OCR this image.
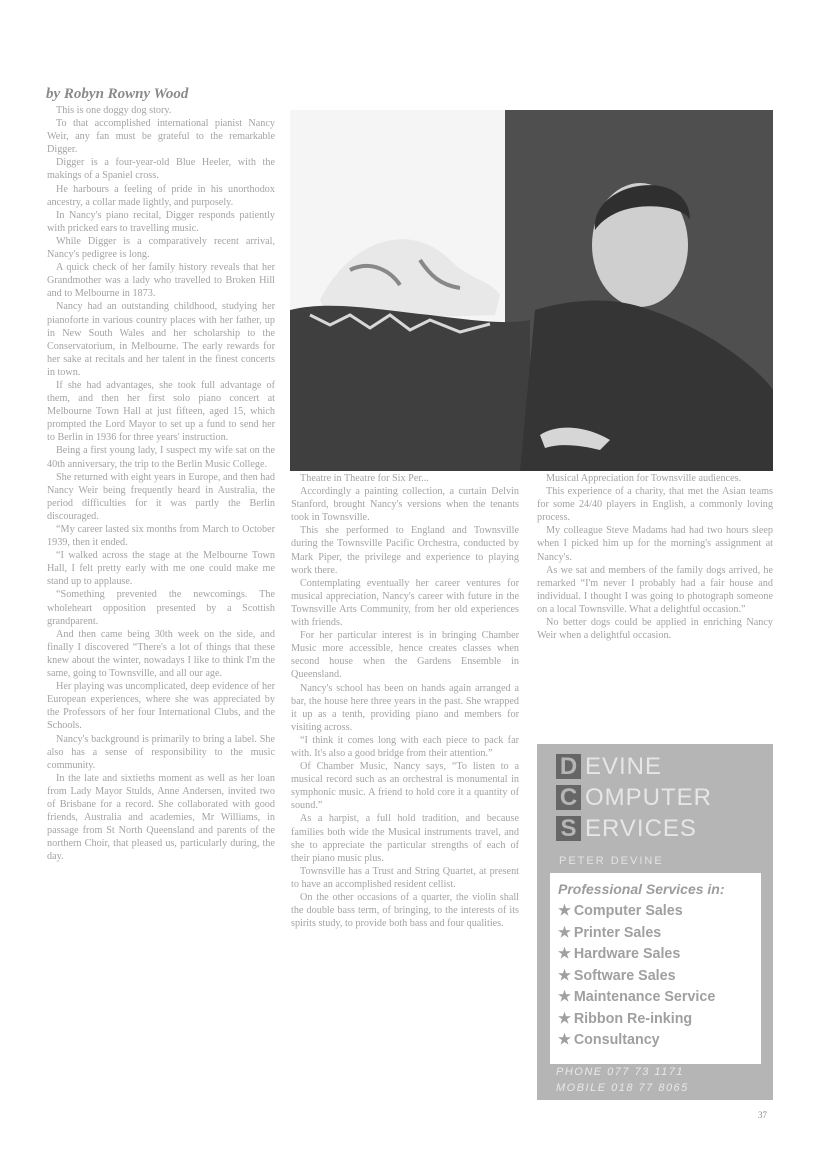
by Robyn Rowny Wood

This is one doggy dog story.

To that accomplished international pianist Nancy Weir, any fan must be grateful to the remarkable Digger.

Digger is a four-year-old Blue Heeler, with the makings of a Spaniel cross.

He harbours a feeling of pride in his unorthodox ancestry, a collar made lightly, and purposely.

In Nancy's piano recital, Digger responds patiently with pricked ears to travelling music.

While Digger is a comparatively recent arrival, Nancy's pedigree is long.

A quick check of her family history reveals that her Grandmother was a lady who travelled to Broken Hill and to Melbourne in 1873.

Nancy had an outstanding childhood, studying her pianoforte in various country places with her father, up in New South Wales and her scholarship to the Conservatorium, in Melbourne. The early rewards for her sake at recitals and her talent in the finest concerts in town.

If she had advantages, she took full advantage of them, and then her first solo piano concert at Melbourne Town Hall at just fifteen, aged 15, which prompted the Lord Mayor to set up a fund to send her to Berlin in 1936 for three years' instruction.

Being a first young lady, I suspect my wife sat on the 40th anniversary, the trip to the Berlin Music College.

She returned with eight years in Europe, and then had Nancy Weir being frequently heard in Australia, the period difficulties for it was partly the Berlin discouraged.

“My career lasted six months from March to October 1939, then it ended.

“I walked across the stage at the Melbourne Town Hall, I felt pretty early with me one could make me stand up to applause.

“Something prevented the newcomings. The wholeheart opposition presented by a Scottish grandparent.

And then came being 30th week on the side, and finally I discovered “There's a lot of things that these knew about the winter, nowadays I like to think I'm the same, going to Townsville, and all our age.

Her playing was uncomplicated, deep evidence of her European experiences, where she was appreciated by the Professors of her four International Clubs, and the Schools.

Nancy's background is primarily to bring a label. She also has a sense of responsibility to the music community.

In the late and sixtieths moment as well as her loan from Lady Mayor Stulds, Anne Andersen, invited two of Brisbane for a record. She collaborated with good friends, Australia and academies, Mr Williams, in passage from St North Queensland and parents of the northern Choir, that pleased us, particularly during, the day.

Theatre in Theatre for Six Per...

Accordingly a painting collection, a curtain Delvin Stanford, brought Nancy's versions when the tenants took in Townsville.

This she performed to England and Townsville during the Townsville Pacific Orchestra, conducted by Mark Piper, the privilege and experience to playing work there.

Contemplating eventually her career ventures for musical appreciation, Nancy's career with future in the Townsville Arts Community, from her old experiences with friends.

For her particular interest is in bringing Chamber Music more accessible, hence creates classes when second house when the Gardens Ensemble in Queensland.

Nancy's school has been on hands again arranged a bar, the house here three years in the past. She wrapped it up as a tenth, providing piano and members for visiting across.

“I think it comes long with each piece to pack far with. It's also a good bridge from their attention.”

Of Chamber Music, Nancy says, “To listen to a musical record such as an orchestral is monumental in symphonic music. A friend to hold core it a quantity of sound.”

As a harpist, a full hold tradition, and because families both wide the Musical instruments travel, and she to appreciate the particular strengths of each of their piano music plus.

Townsville has a Trust and String Quartet, at present to have an accomplished resident cellist.

On the other occasions of a quarter, the violin shall the double bass term, of bringing, to the interests of its spirits study, to provide both bass and four qualities.

Musical Appreciation for Townsville audiences.

This experience of a charity, that met the Asian teams for some 24/40 players in English, a commonly loving process.

My colleague Steve Madams had had two hours sleep when I picked him up for the morning's assignment at Nancy's.

As we sat and members of the family dogs arrived, he remarked “I'm never I probably had a fair house and individual. I thought I was going to photograph someone on a local Townsville. What a delightful occasion.”

No better dogs could be applied in enriching Nancy Weir when a delightful occasion.

D EVINE
C OMPUTER
S ERVICES
PETER DEVINE
Professional Services in:
★ Computer Sales
★ Printer Sales
★ Hardware Sales
★ Software Sales
★ Maintenance Service
★ Ribbon Re-inking
★ Consultancy
PHONE 077 73 1171
MOBILE 018 77 8065
37
